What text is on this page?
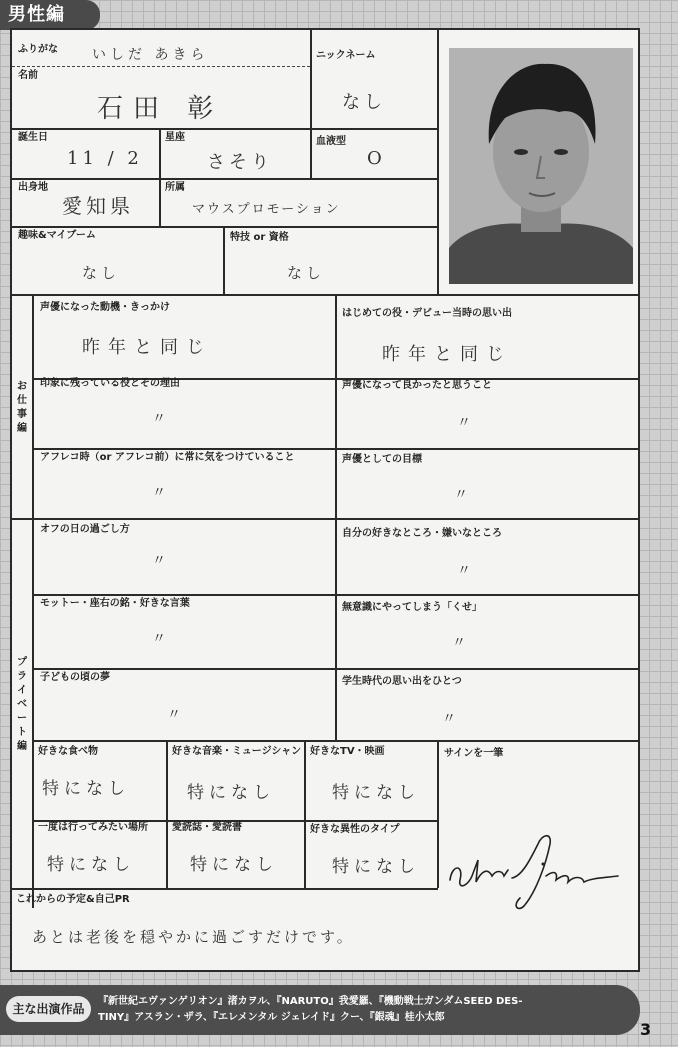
男性編
ふりがな いしだ あきら
名前
石田 彰
ニックネーム
なし
誕生日
11 / 2
星座
さそり
血液型
O
出身地
愛知県
所属
マウスプロモーション
趣味&マイブーム
なし
特技 or 資格
なし
お仕事編
プライベート編
声優になった動機・きっかけ
昨年と同じ
はじめての役・デビュー当時の思い出
昨年と同じ
印象に残っている役とその理由
〃
声優になって良かったと思うこと
〃
アフレコ時（or アフレコ前）に常に気をつけていること
〃
声優としての目標
〃
オフの日の過ごし方
〃
自分の好きなところ・嫌いなところ
〃
モットー・座右の銘・好きな言葉
〃
無意識にやってしまう「くせ」
〃
子どもの頃の夢
〃
学生時代の思い出をひとつ
〃
好きな食べ物
特になし
好きな音楽・ミュージシャン
特になし
好きなTV・映画
特になし
サインを一筆
一度は行ってみたい場所
特になし
愛読誌・愛読書
特になし
好きな異性のタイプ
特になし
これからの予定&自己PR
あとは老後を穏やかに過ごすだけです。
主な出演作品
『新世紀エヴァンゲリオン』渚カヲル、『NARUTO』我愛羅、『機動戦士ガンダムSEED DES-
TINY』アスラン・ザラ、『エレメンタル ジェレイド』クー、『銀魂』桂小太郎
3
